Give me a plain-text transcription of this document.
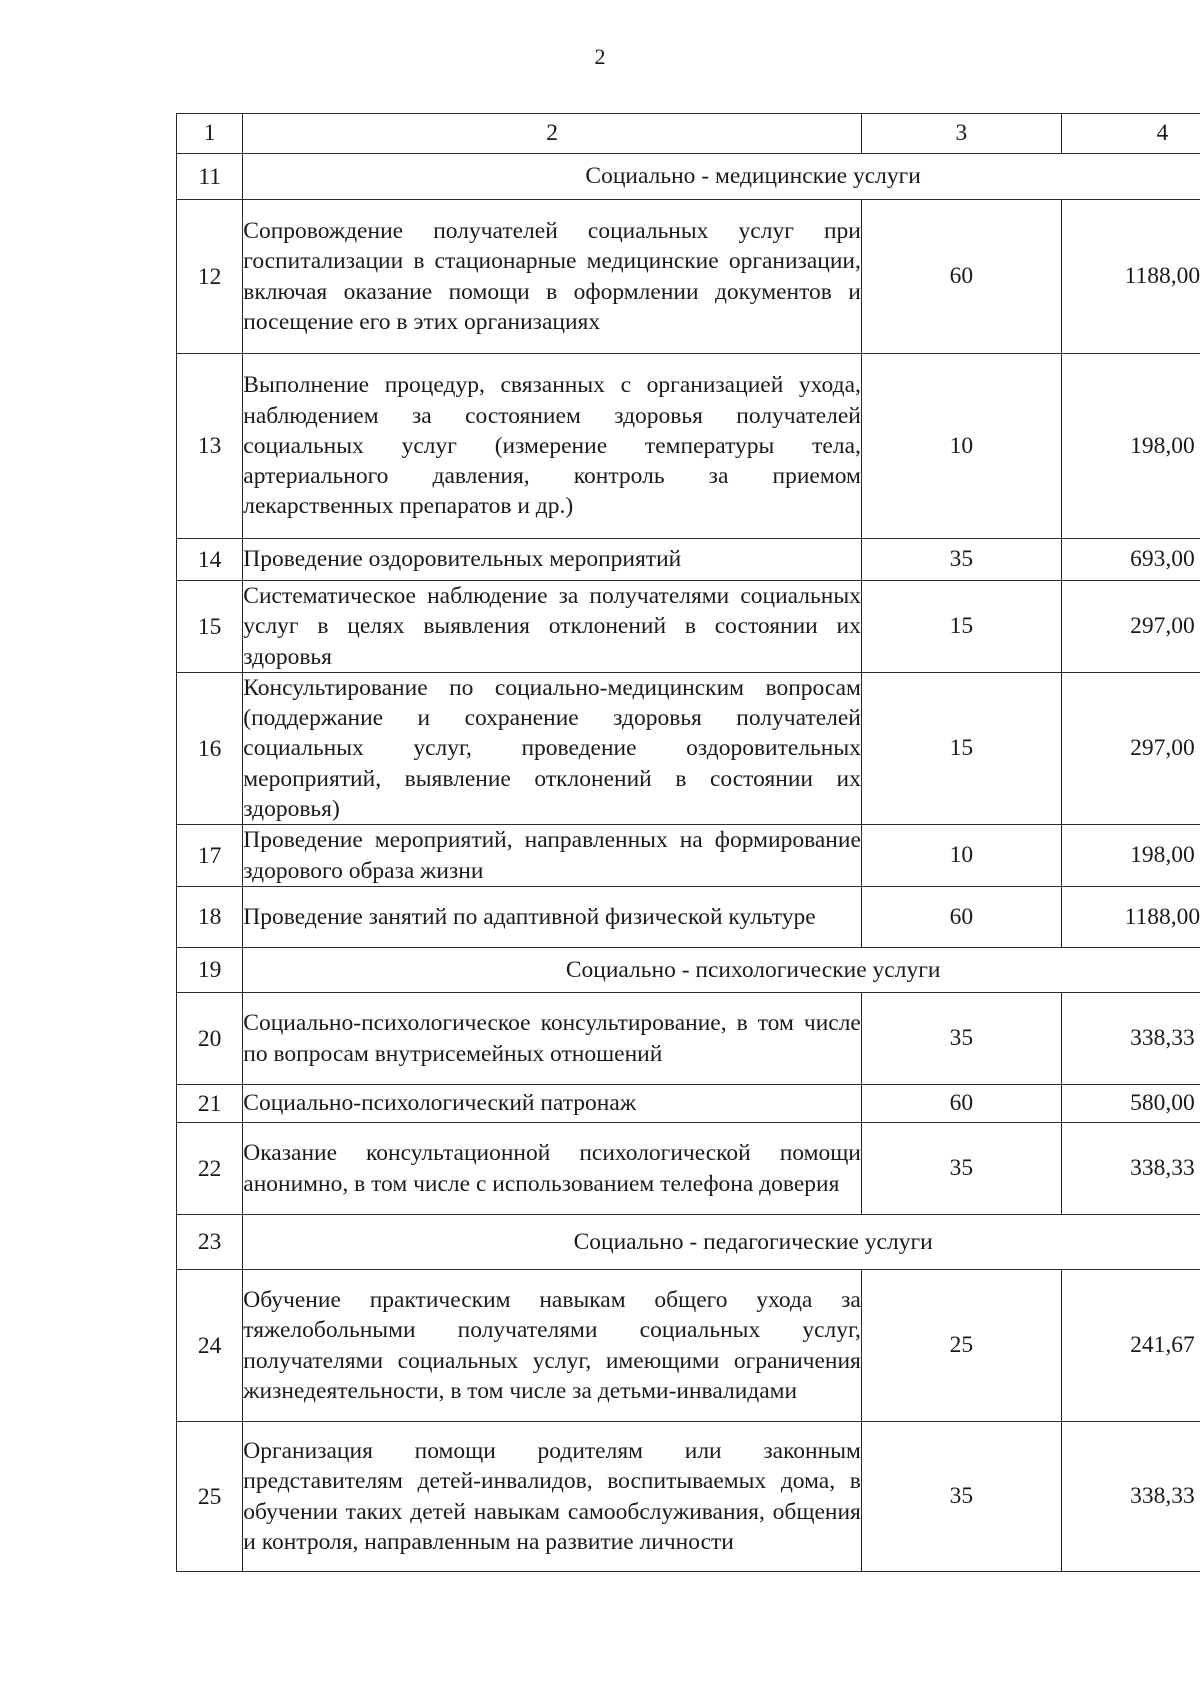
2
1	2	3	4
11	Социально - медицинские услуги		
12	Сопровождение получателей социальных услуг при госпитализации в стационарные медицинские организации, включая оказание помощи в оформлении документов и посещение его в этих организациях	60	1188,00
13	Выполнение процедур, связанных с организацией ухода, наблюдением за состоянием здоровья получателей социальных услуг (измерение температуры тела, артериального давления, контроль за приемом лекарственных препаратов и др.)	10	198,00
14	Проведение оздоровительных мероприятий	35	693,00
15	Систематическое наблюдение за получателями социальных услуг в целях выявления отклонений в состоянии их здоровья	15	297,00
16	Консультирование по социально-медицинским вопросам (поддержание и сохранение здоровья получателей социальных услуг, проведение оздоровительных мероприятий, выявление отклонений в состоянии их здоровья)	15	297,00
17	Проведение мероприятий, направленных на формирование здорового образа жизни	10	198,00
18	Проведение занятий по адаптивной физической культуре	60	1188,00
19	Социально - психологические услуги		
20	Социально-психологическое консультирование, в том числе по вопросам внутрисемейных отношений	35	338,33
21	Социально-психологический патронаж	60	580,00
22	Оказание консультационной психологической помощи анонимно, в том числе с использованием телефона доверия	35	338,33
23	Социально - педагогические услуги		
24	Обучение практическим навыкам общего ухода за тяжелобольными получателями социальных услуг, получателями социальных услуг, имеющими ограничения жизнедеятельности, в том числе за детьми-инвалидами	25	241,67
25	Организация помощи родителям или законным представителям детей-инвалидов, воспитываемых дома, в обучении таких детей навыкам самообслуживания, общения и контроля, направленным на развитие личности	35	338,33
